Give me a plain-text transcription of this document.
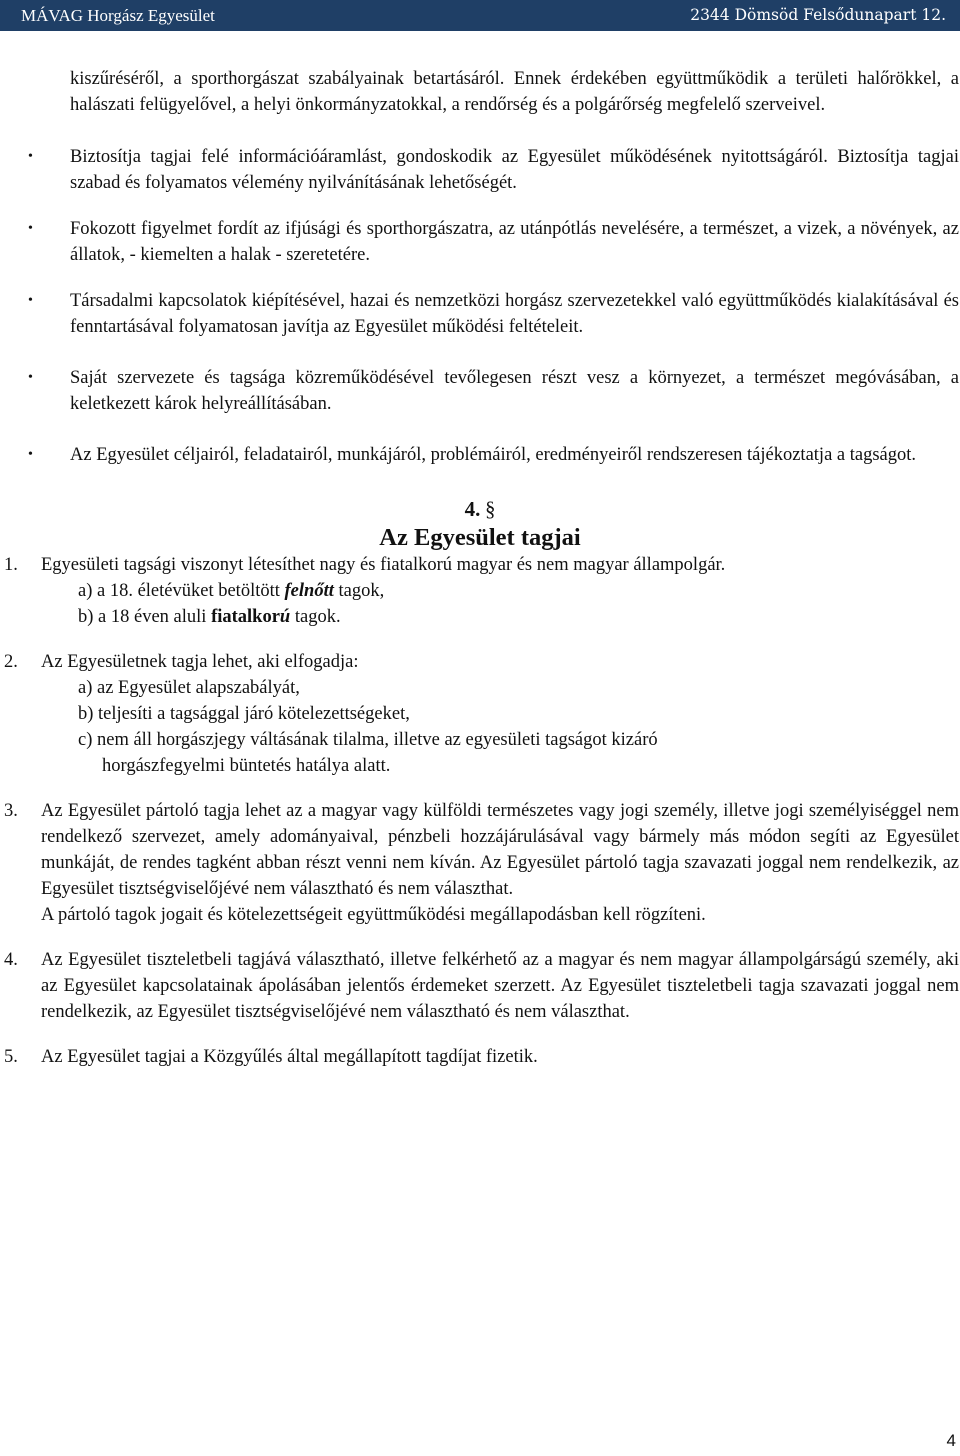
MÁVAG Horgász Egyesület	2344 Dömsöd Felsődunapart 12.

kiszűréséről, a sporthorgászat szabályainak betartásáról. Ennek érdekében együttműködik a területi halőrökkel, a halászati felügyelővel, a helyi önkormányzatokkal, a rendőrség és a polgárőrség megfelelő szerveivel.

• Biztosítja tagjai felé információáramlást, gondoskodik az Egyesület működésének nyitottságáról. Biztosítja tagjai szabad és folyamatos vélemény nyilvánításának lehetőségét.
• Fokozott figyelmet fordít az ifjúsági és sporthorgászatra, az utánpótlás nevelésére, a természet, a vizek, a növények, az állatok, - kiemelten a halak - szeretetére.
• Társadalmi kapcsolatok kiépítésével, hazai és nemzetközi horgász szervezetekkel való együttműködés kialakításával és fenntartásával folyamatosan javítja az Egyesület működési feltételeit.
• Saját szervezete és tagsága közreműködésével tevőlegesen részt vesz a környezet, a természet megóvásában, a keletkezett károk helyreállításában.
• Az Egyesület céljairól, feladatairól, munkájáról, problémáiról, eredményeiről rendszeresen tájékoztatja a tagságot.
4. §
Az Egyesület tagjai
1. Egyesületi tagsági viszonyt létesíthet nagy és fiatalkorú magyar és nem magyar állampolgár.
a) a 18. életévüket betöltött felnőtt tagok,
b) a 18 éven aluli fiatalkorú tagok.
2. Az Egyesületnek tagja lehet, aki elfogadja:
a) az Egyesület alapszabályát,
b) teljesíti a tagsággal járó kötelezettségeket,
c) nem áll horgászjegy váltásának tilalma, illetve az egyesületi tagságot kizáró
horgászfegyelmi büntetés hatálya alatt.
3. Az Egyesület pártoló tagja lehet az a magyar vagy külföldi természetes vagy jogi személy, illetve jogi személyiséggel nem rendelkező szervezet, amely adományaival, pénzbeli hozzájárulásával vagy bármely más módon segíti az Egyesület munkáját, de rendes tagként abban részt venni nem kíván. Az Egyesület pártoló tagja szavazati joggal nem rendelkezik, az Egyesület tisztségviselőjévé nem választható és nem választhat.
A pártoló tagok jogait és kötelezettségeit együttműködési megállapodásban kell rögzíteni.
4. Az Egyesület tiszteletbeli tagjává választható, illetve felkérhető az a magyar és nem magyar állampolgárságú személy, aki az Egyesület kapcsolatainak ápolásában jelentős érdemeket szerzett. Az Egyesület tiszteletbeli tagja szavazati joggal nem rendelkezik, az Egyesület tisztségviselőjévé nem választható és nem választhat.
5. Az Egyesület tagjai a Közgyűlés által megállapított tagdíjat fizetik.
4
